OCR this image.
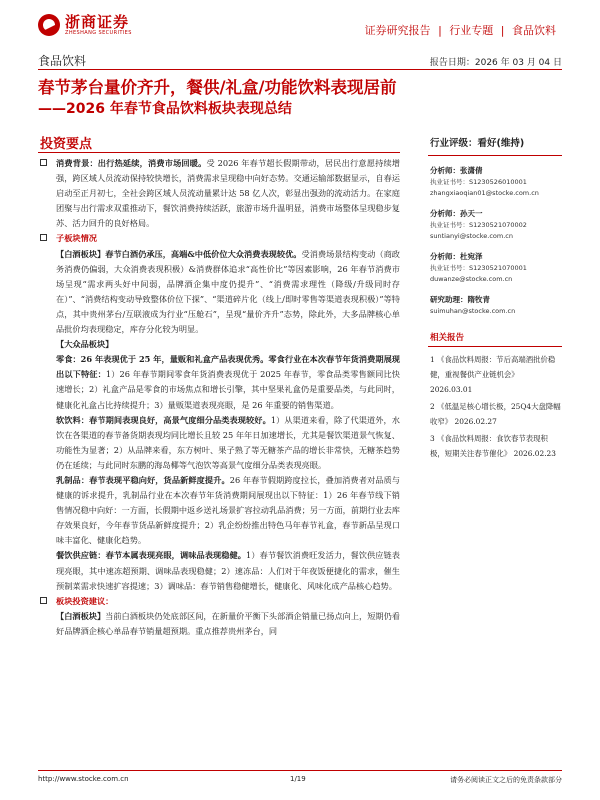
浙商证券
ZHESHANG SECURITIES	证券研究报告 | 行业专题 | 食品饮料
食品饮料	报告日期：2026 年 03 月 04 日
春节茅台量价齐升，餐供/礼盒/功能饮料表现居前
——2026 年春节食品饮料板块表现总结
投资要点
消费背景：出行热延续，消费市场回暖。受 2026 年春节超长假期带动，居民出行意愿持续增强，跨区域人员流动保持较快增长，消费需求呈现稳中向好态势。交通运输部数据显示，自春运启动至正月初七，全社会跨区域人员流动量累计达 58 亿人次，彰显出强劲的流动活力。在家庭团聚与出行需求双重推动下，餐饮消费持续活跃，旅游市场升温明显，消费市场整体呈现稳步复苏、活力回升的良好格局。
子板块情况
【白酒板块】春节白酒仍承压，高端&中低价位大众消费表现较优。受消费场景结构变动（商政务消费仍偏弱，大众消费表现积极）&消费群体追求“高性价比”等因素影响，26 年春节消费市场呈现“需求两头好中间弱，品牌酒企集中度仍提升”、“消费需求理性（降级/升级同时存在）”、“消费结构变动导致整体价位下探”、“渠道碎片化（线上/即时零售等渠道表现积极）”等特点，其中贵州茅台/互联液成为行业“压舱石”，呈现“量价齐升”态势，除此外，大多品牌核心单品批价均表现稳定，库存分化较为明显。
【大众品板块】
零食：26 年表现优于 25 年，量贩和礼盒产品表现优秀。零食行业在本次春节年货消费期展现出以下特征：1）26 年春节期间零食年货消费表现优于 2025 年春节，零食品类零售额同比快速增长；2）礼盒产品是零食的市场焦点和增长引擎，其中坚果礼盒仍是重要品类，与此同时，健康化礼盒占比持续提升；3）量贩渠道表现亮眼，是 26 年重要的销售渠道。
软饮料：春节期间表现良好，高景气度细分品类表现较好。1）从渠道来看，除了代渠道外，水饮在各渠道的春节备货期表现均同比增长且较 25 年年日加速增长，尤其是餐饮渠道景气恢复、功能性为显著；2）从品牌来看，东方树叶、果子熟了等无糖茶产品的增长非常快，无糖茶趋势仍在延续；与此同时东鹏的海岛椰等气泡饮等高景气度细分品类表现亮眼。
乳制品：春节表现平稳向好，货品新鲜度提升。26 年春节假期跨度拉长，叠加消费者对品质与健康的诉求提升，乳制品行业在本次春节年货消费期间展现出以下特征：1）26 年春节线下销售情况稳中向好：一方面，长假期中返乡送礼场景扩容拉动乳品消费；另一方面，前期行业去库存效果良好，今年春节货品新鲜度提升；2）乳企纷纷推出特色马年春节礼盒，春节新品呈现口味丰富化、健康化趋势。
餐饮供应链：春节本属表现亮眼，调味品表现稳健。1）春节餐饮消费旺发活力，餐饮供应链表现亮眼，其中速冻超预期、调味品表现稳健；2）速冻品：人们对于年夜饭便捷化的需求，催生预制菜需求快速扩容提速；3）调味品：春节销售稳健增长，健康化、风味化成产品核心趋势。
板块投资建议：
【白酒板块】当前白酒板块仍处底部区间，在新量价平衡下头部酒企销量已扬点向上，短期仍看好品牌酒企核心单品春节销量超预期。重点推荐贵州茅台，同
行业评级：看好(维持)
分析师：张潇倩
执业证书号：S1230526010001
zhangxiaoqian01@stocke.com.cn
分析师：孙天一
执业证书号：S1230521070002
suntianyi@stocke.com.cn
分析师：杜宛泽
执业证书号：S1230521070001
duwanze@stocke.com.cn
研究助理：隋牧青
suimuhan@stocke.com.cn
相关报告
1 《食品饮料周报：节后高端酒批价稳健，重视餐供产业链机会》 2026.03.01
2 《低温足核心增长极，25Q4大盘降幅收窄》 2026.02.27
3 《食品饮料周报：食饮春节表现积极，短期关注春节催化》 2026.02.23
http://www.stocke.com.cn	1/19	请务必阅读正文之后的免责条款部分
